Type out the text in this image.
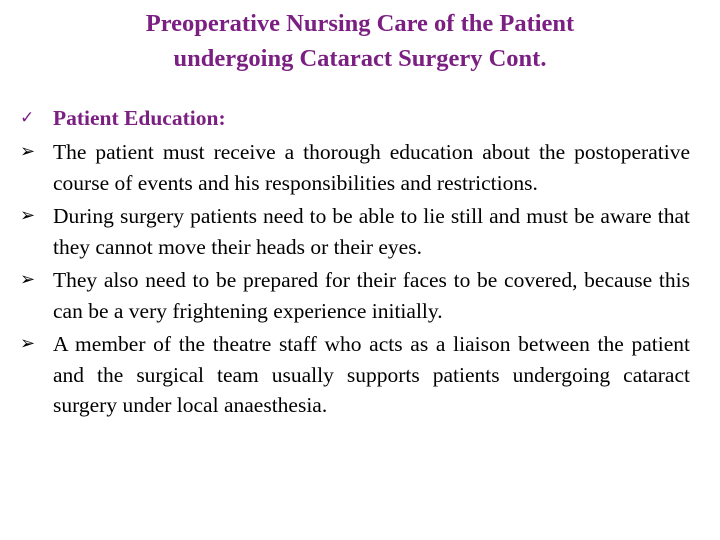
Preoperative Nursing Care of the Patient
undergoing Cataract Surgery Cont.
✓ Patient Education:
➢ The patient must receive a thorough education about the postoperative course of events and his responsibilities and restrictions.
➢ During surgery patients need to be able to lie still and must be aware that they cannot move their heads or their eyes.
➢ They also need to be prepared for their faces to be covered, because this can be a very frightening experience initially.
➢ A member of the theatre staff who acts as a liaison between the patient and the surgical team usually supports patients undergoing cataract surgery under local anaesthesia.
